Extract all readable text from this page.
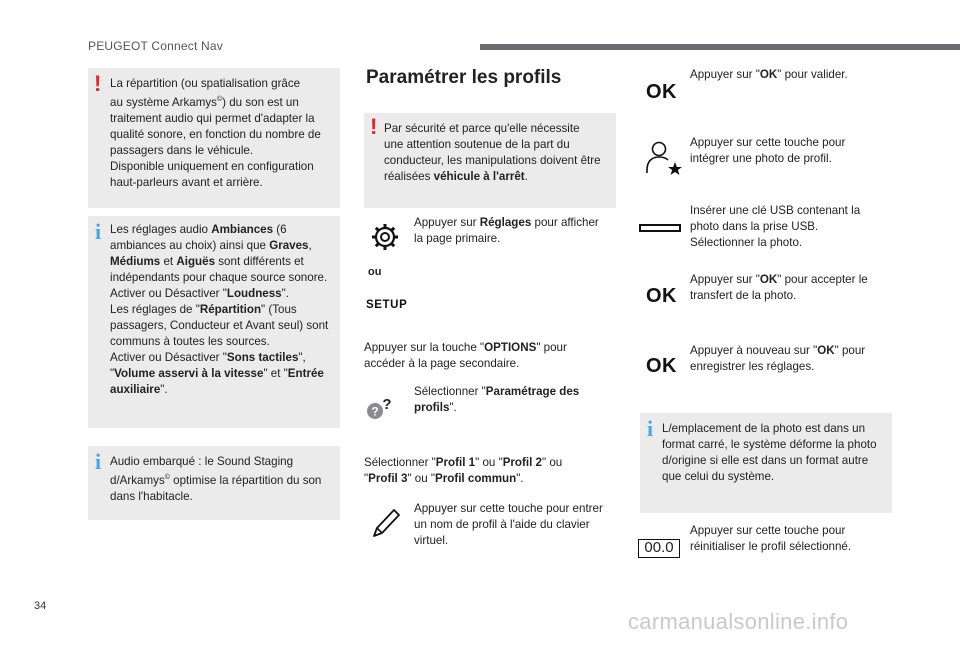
PEUGEOT Connect Nav
! La répartition (ou spatialisation grâce
au système Arkamys©) du son est un
traitement audio qui permet d'adapter la
qualité sonore, en fonction du nombre de
passagers dans le véhicule.
Disponible uniquement en configuration
haut-parleurs avant et arrière.
i Les réglages audio Ambiances (6
ambiances au choix) ainsi que Graves,
Médiums et Aiguës sont différents et
indépendants pour chaque source sonore.
Activer ou Désactiver "Loudness".
Les réglages de "Répartition" (Tous
passagers, Conducteur et Avant seul) sont
communs à toutes les sources.
Activer ou Désactiver "Sons tactiles",
"Volume asservi à la vitesse" et "Entrée
auxiliaire".
i Audio embarqué : le Sound Staging
d/Arkamys© optimise la répartition du son
dans l'habitacle.
Paramétrer les profils
! Par sécurité et parce qu'elle nécessite
une attention soutenue de la part du
conducteur, les manipulations doivent être
réalisées véhicule à l'arrêt.
Appuyer sur Réglages pour afficher
la page primaire.
ou
SETUP
Appuyer sur la touche "OPTIONS" pour
accéder à la page secondaire.
? ?
Sélectionner "Paramétrage des
profils".
Sélectionner "Profil 1" ou "Profil 2" ou
"Profil 3" ou "Profil commun".
Appuyer sur cette touche pour entrer
un nom de profil à l'aide du clavier
virtuel.
OK
Appuyer sur "OK" pour valider.
Appuyer sur cette touche pour
intégrer une photo de profil.
Insérer une clé USB contenant la
photo dans la prise USB.
Sélectionner la photo.
OK
Appuyer sur "OK" pour accepter le
transfert de la photo.
OK
Appuyer à nouveau sur "OK" pour
enregistrer les réglages.
i L/emplacement de la photo est dans un
format carré, le système déforme la photo
d/origine si elle est dans un format autre
que celui du système.
00.0
Appuyer sur cette touche pour
réinitialiser le profil sélectionné.
34
carmanualsonline.info
